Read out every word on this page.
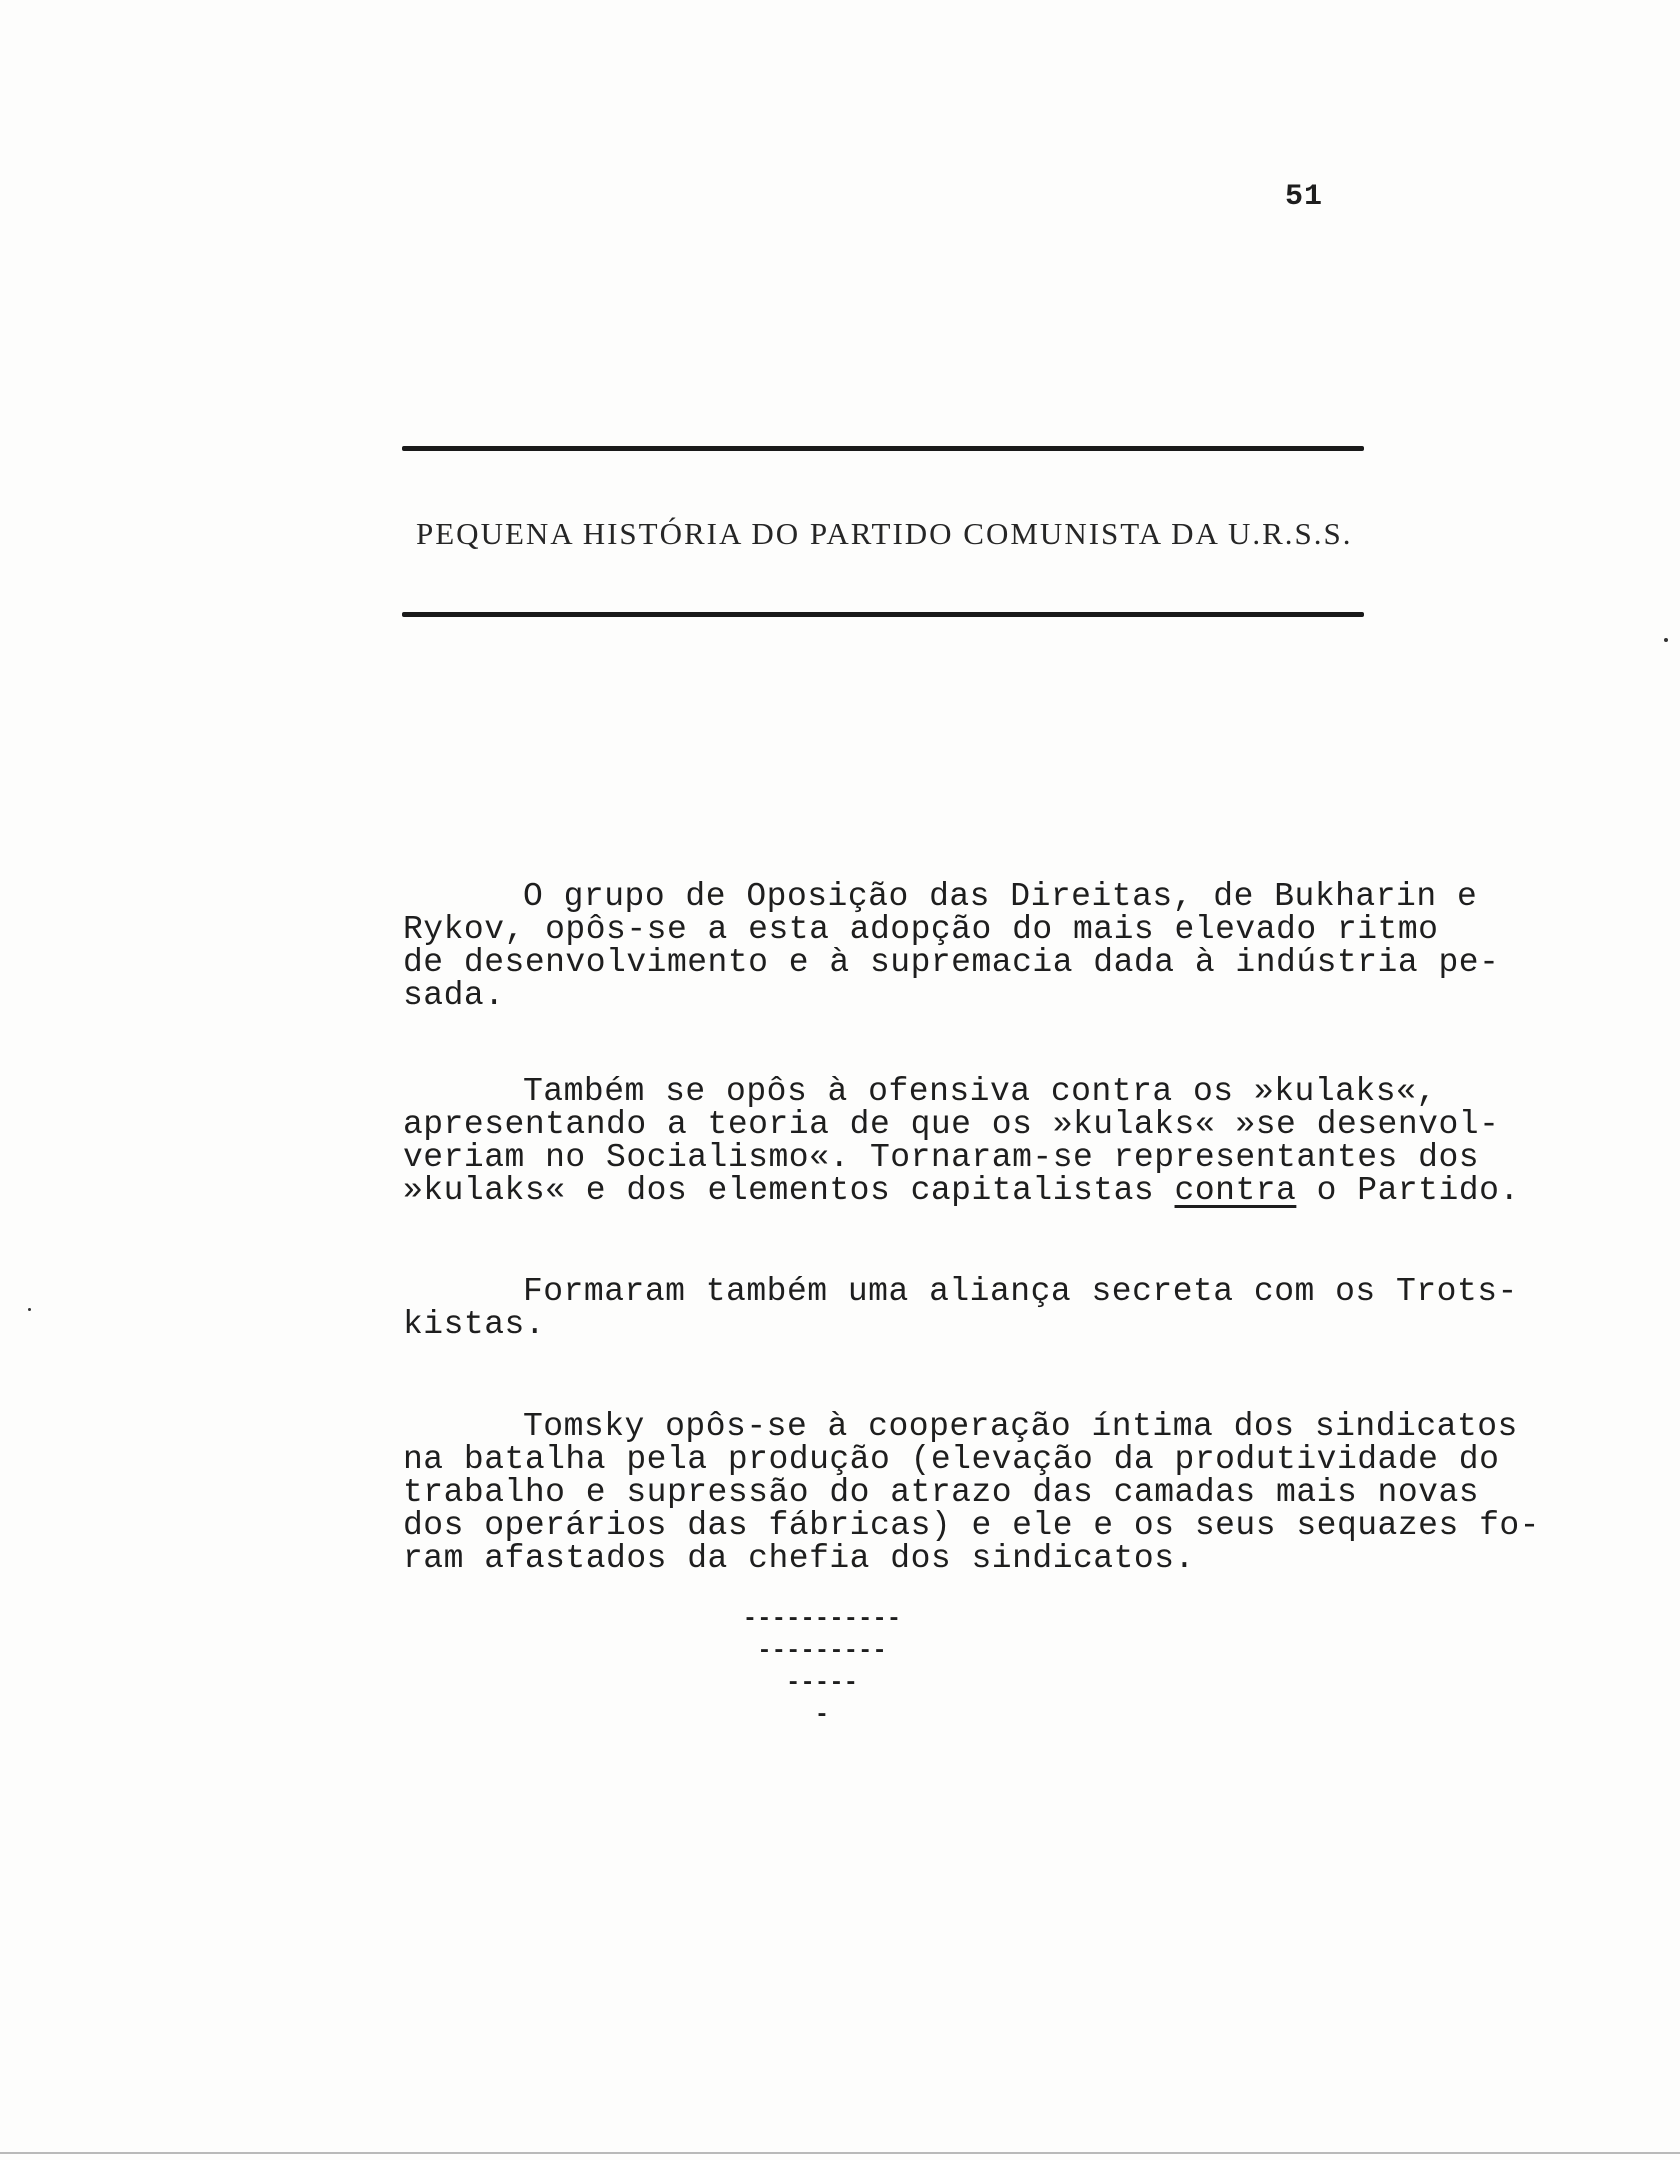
51
PEQUENA HISTÓRIA DO PARTIDO COMUNISTA DA U.R.S.S.

O grupo de Oposição das Direitas, de Bukharin e
Rykov, opôs-se a esta adopção do mais elevado ritmo
de desenvolvimento e à supremacia dada à indústria pe-
sada.

Também se opôs à ofensiva contra os »kulaks«,
apresentando a teoria de que os »kulaks« »se desenvol-
veriam no Socialismo«. Tornaram-se representantes dos
»kulaks« e dos elementos capitalistas contra o Partido.

Formaram também uma aliança secreta com os Trots-
kistas.

Tomsky opôs-se à cooperação íntima dos sindicatos
na batalha pela produção (elevação da produtividade do
trabalho e supressão do atrazo das camadas mais novas
dos operários das fábricas) e ele e os seus sequazes fo-
ram afastados da chefia dos sindicatos.

-----------
---------
-----
-
